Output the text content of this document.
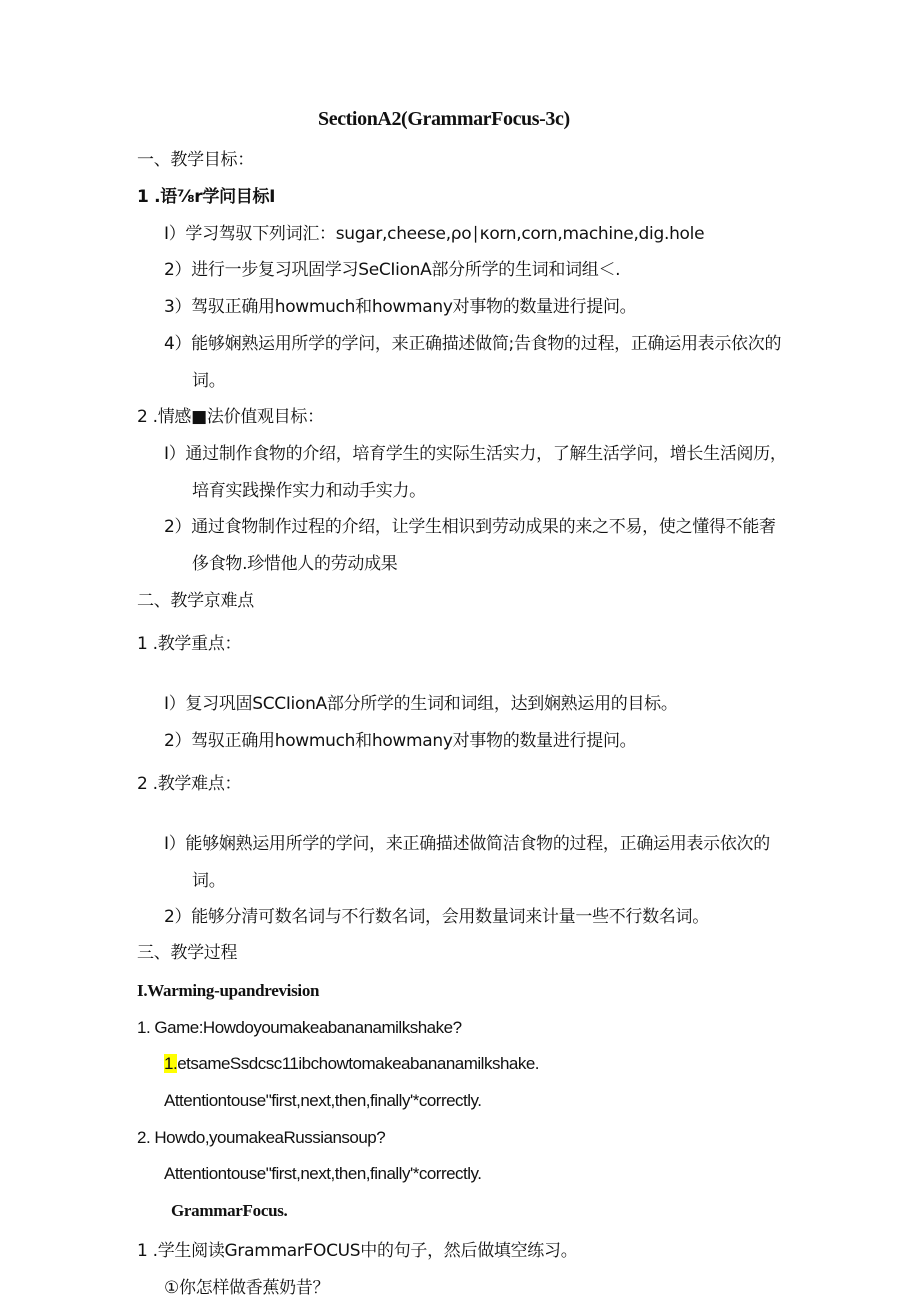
SectionA2(GrammarFocus-3c)
一、教学目标：
1 .语⅞r学问目标I
I）学习驾驭下列词汇：sugar,cheese,ρo∣κorn,corn,machine,dig.hole
2）进行一步复习巩固学习SeCIionA部分所学的生词和词组＜.
3）驾驭正确用howmuch和howmany对事物的数量进行提问。
4）能够娴熟运用所学的学问，来正确描述做简;告食物的过程，正确运用表示依次的
词。
2 .情感■法价值观目标：
I）通过制作食物的介绍，培育学生的实际生活实力，了解生活学问，增长生活阅历，
培育实践操作实力和动手实力。
2）通过食物制作过程的介绍，让学生相识到劳动成果的来之不易，使之懂得不能奢
侈食物.珍惜他人的劳动成果
二、教学京难点
1 .教学重点：
I）复习巩固SCCIionA部分所学的生词和词组，达到娴熟运用的目标。
2）驾驭正确用howmuch和howmany对事物的数量进行提问。
2 .教学难点：
I）能够娴熟运用所学的学问，来正确描述做简洁食物的过程，正确运用表示依次的
词。
2）能够分清可数名词与不行数名词，会用数量词来计量一些不行数名词。
三、教学过程
I.Warming-upandrevision
1. Game:Howdoyoumakeabananamilkshake?
1.etsameSsdcsc11ibchowtomakeabananamilkshake.
Attentiontouse"first,next,then,finally'*correctly.
2. Howdo,youmakeaRussiansoup?
Attentiontouse"first,next,then,finally'*correctly.
GrammarFocus.
1 .学生阅读GrammarFOCUS中的句子，然后做填空练习。
①你怎样做香蕉奶昔？
